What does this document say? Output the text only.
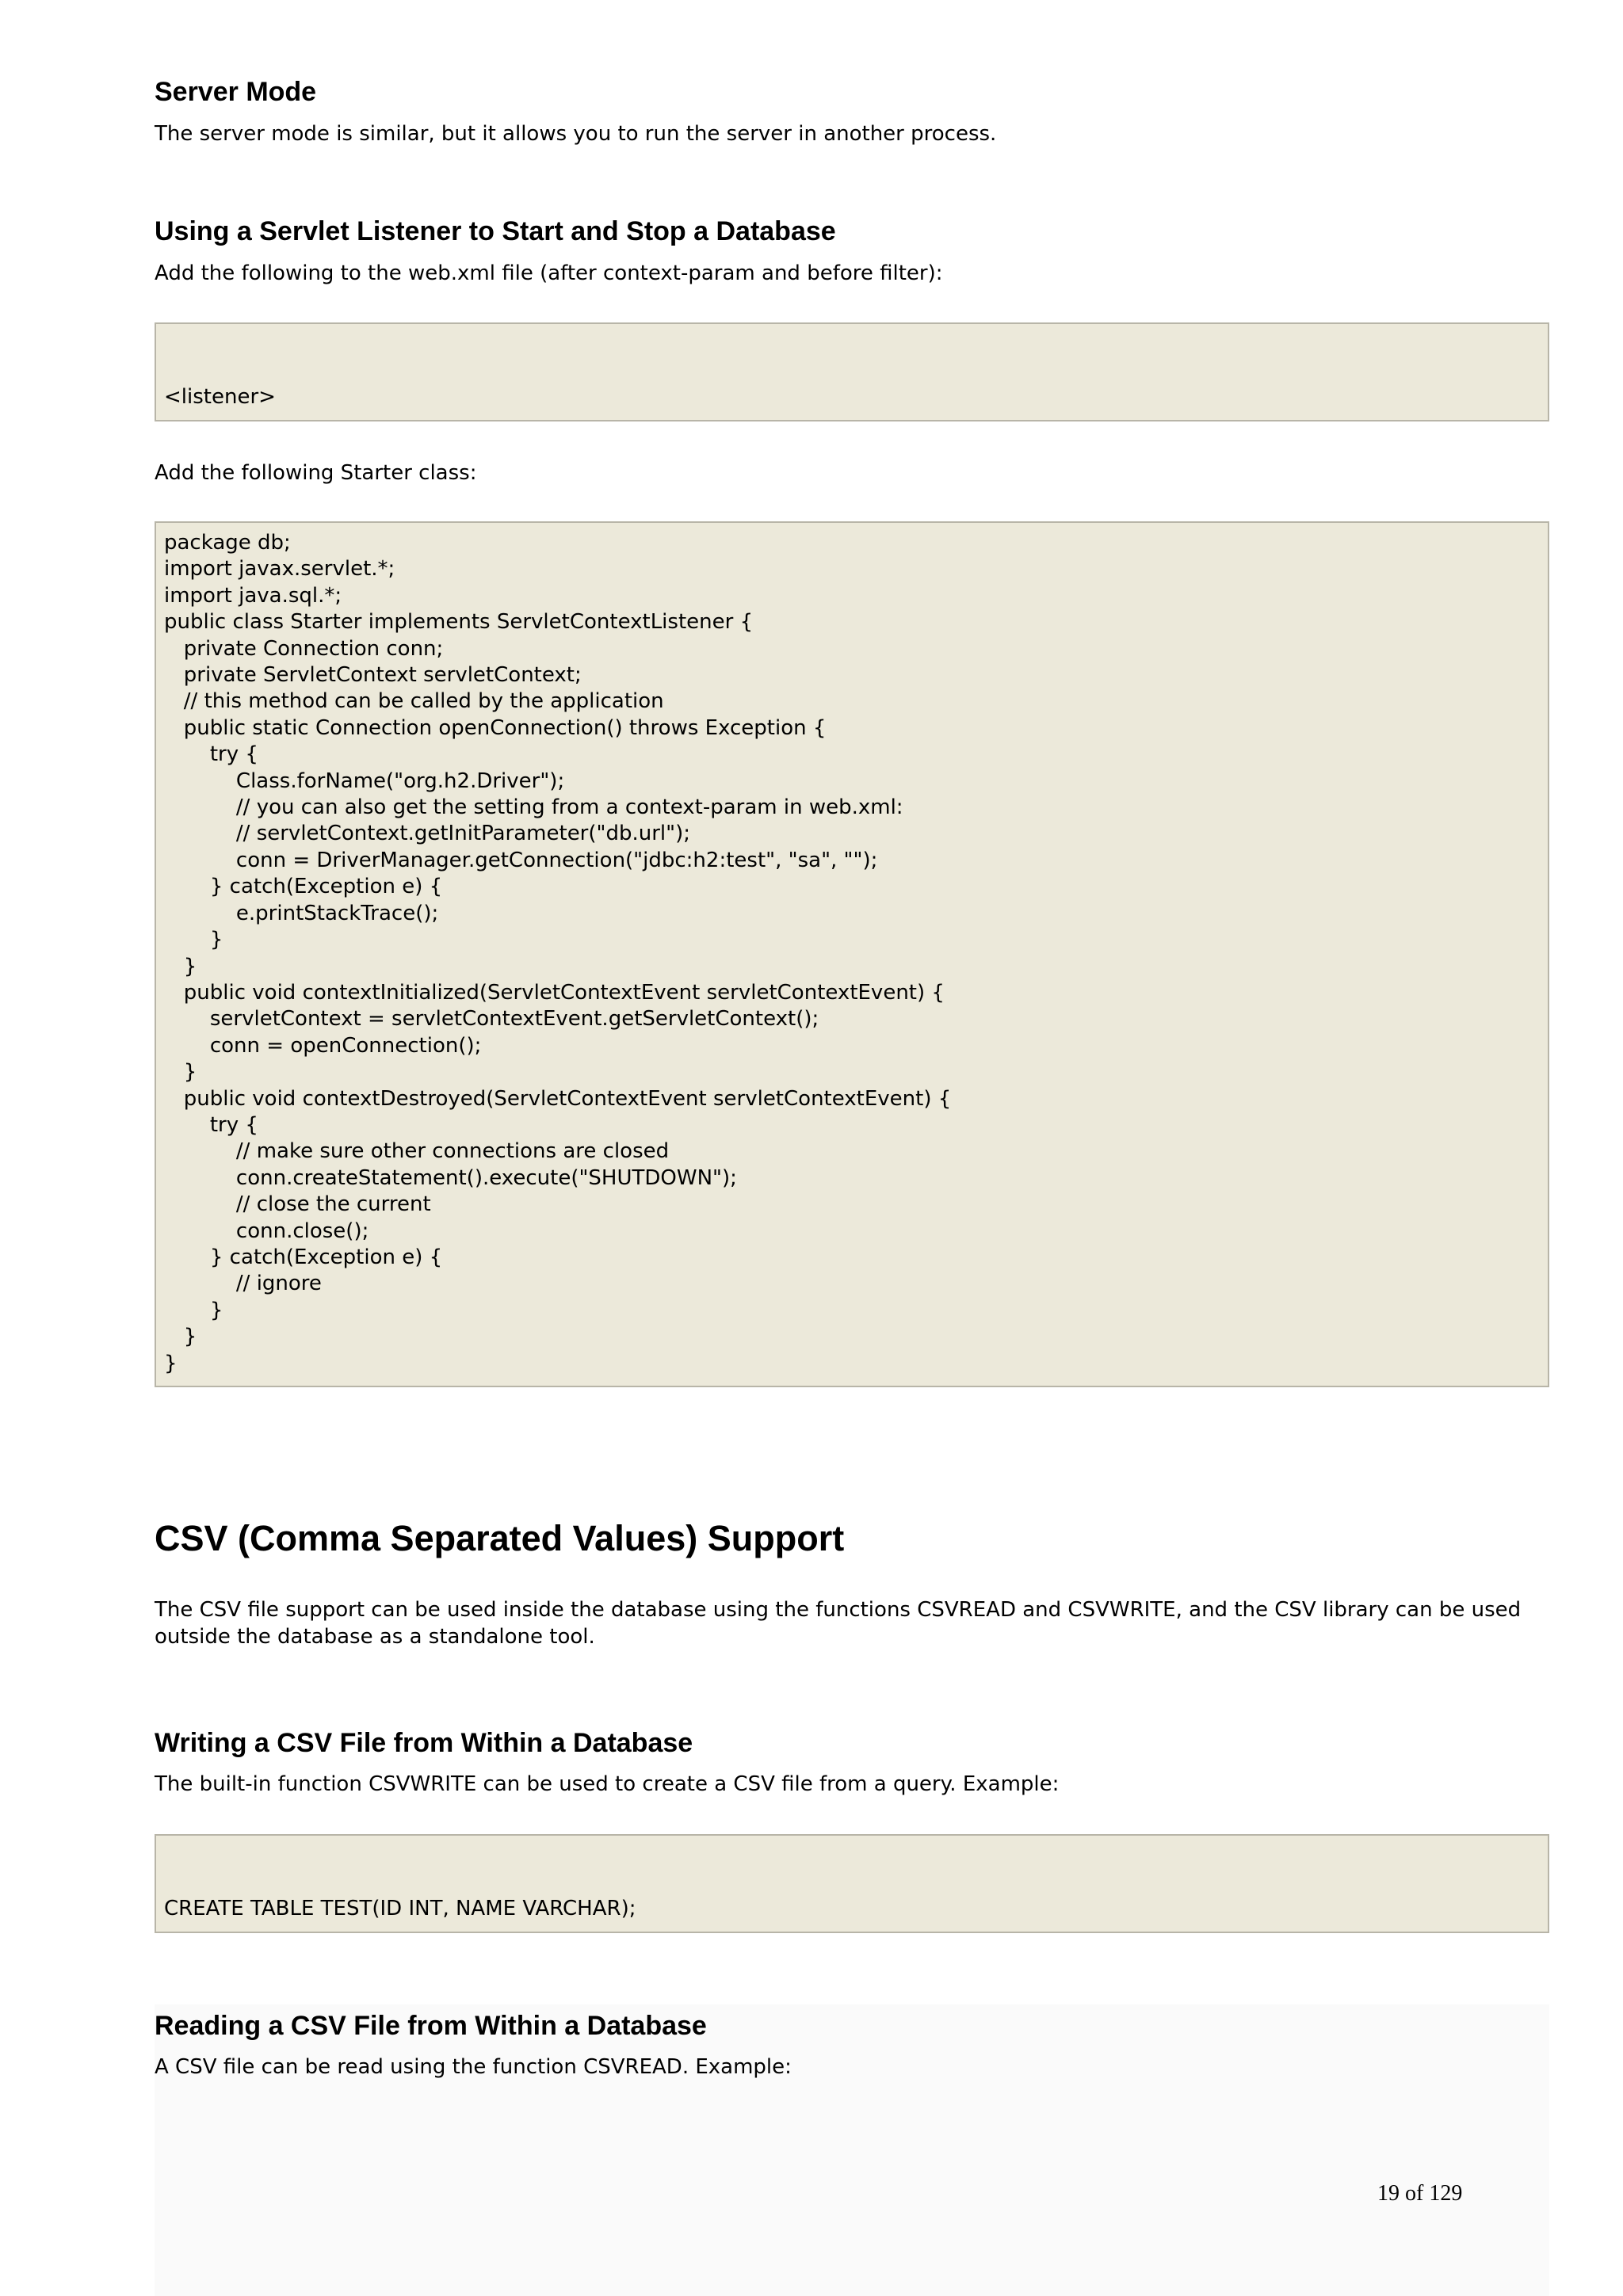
Server Mode

The server mode is similar, but it allows you to run the server in another process.

Using a Servlet Listener to Start and Stop a Database

Add the following to the web.xml file (after context-param and before filter):

<listener>

Add the following Starter class:

package db;
import javax.servlet.*;
import java.sql.*;
public class Starter implements ServletContextListener {
private Connection conn;
private ServletContext servletContext;
// this method can be called by the application
public static Connection openConnection() throws Exception {
try {
Class.forName("org.h2.Driver");
// you can also get the setting from a context-param in web.xml:
// servletContext.getInitParameter("db.url");
conn = DriverManager.getConnection("jdbc:h2:test", "sa", "");
} catch(Exception e) {
e.printStackTrace();
}
}
public void contextInitialized(ServletContextEvent servletContextEvent) {
servletContext = servletContextEvent.getServletContext();
conn = openConnection();
}
public void contextDestroyed(ServletContextEvent servletContextEvent) {
try {
// make sure other connections are closed
conn.createStatement().execute("SHUTDOWN");
// close the current
conn.close();
} catch(Exception e) {
// ignore
}
}
}
CSV (Comma Separated Values) Support

The CSV file support can be used inside the database using the functions CSVREAD and CSVWRITE, and the CSV library can be used outside the database as a standalone tool.

Writing a CSV File from Within a Database

The built-in function CSVWRITE can be used to create a CSV file from a query. Example:

CREATE TABLE TEST(ID INT, NAME VARCHAR);

Reading a CSV File from Within a Database

A CSV file can be read using the function CSVREAD. Example:

19 of 129
